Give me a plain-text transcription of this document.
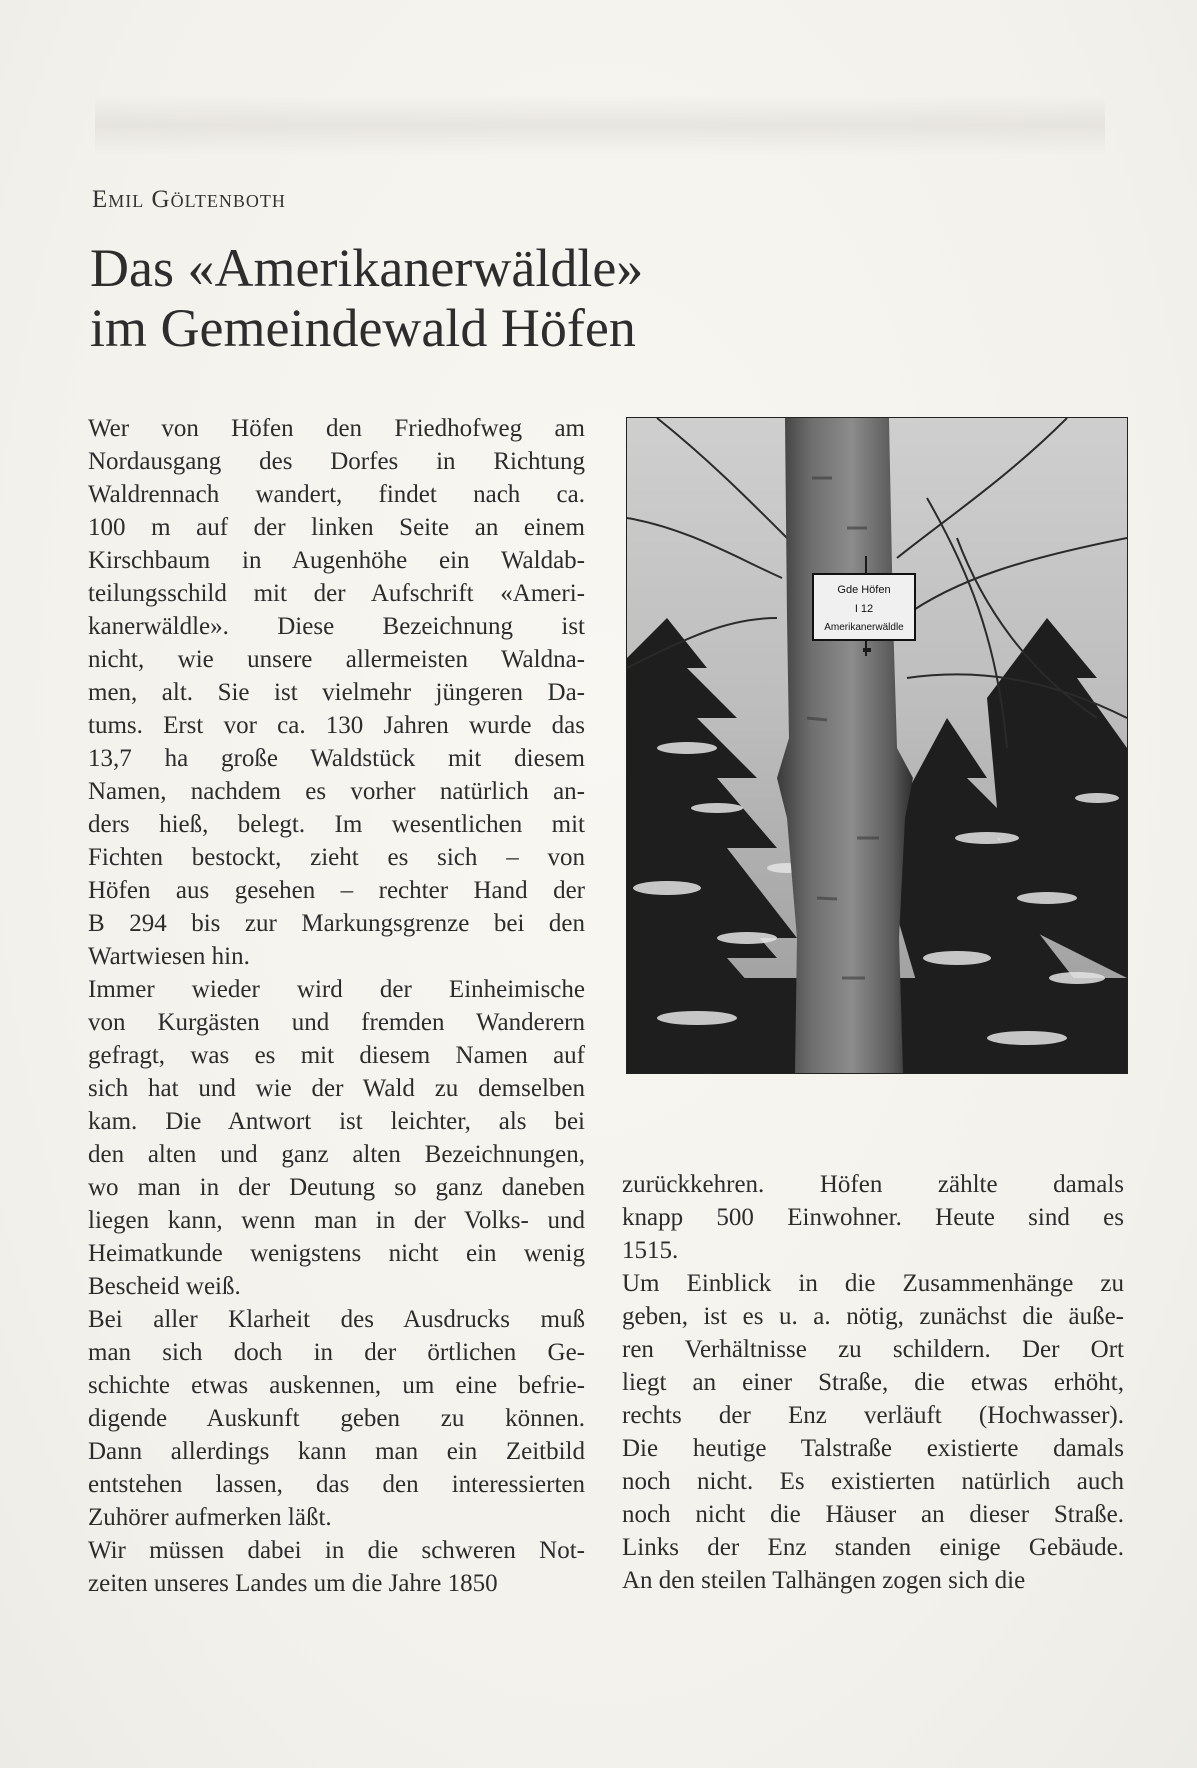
Emil Göltenboth
Das «Amerikanerwäldle»
im Gemeindewald Höfen
Wer von Höfen den Friedhofweg am
Nordausgang des Dorfes in Richtung
Waldrennach wandert, findet nach ca.
100 m auf der linken Seite an einem
Kirschbaum in Augenhöhe ein Waldab-
teilungsschild mit der Aufschrift «Ameri-
kanerwäldle». Diese Bezeichnung ist
nicht, wie unsere allermeisten Waldna-
men, alt. Sie ist vielmehr jüngeren Da-
tums. Erst vor ca. 130 Jahren wurde das
13,7 ha große Waldstück mit diesem
Namen, nachdem es vorher natürlich an-
ders hieß, belegt. Im wesentlichen mit
Fichten bestockt, zieht es sich – von
Höfen aus gesehen – rechter Hand der
B 294 bis zur Markungsgrenze bei den
Wartwiesen hin.
Immer wieder wird der Einheimische
von Kurgästen und fremden Wanderern
gefragt, was es mit diesem Namen auf
sich hat und wie der Wald zu demselben
kam. Die Antwort ist leichter, als bei
den alten und ganz alten Bezeichnungen,
wo man in der Deutung so ganz daneben
liegen kann, wenn man in der Volks- und
Heimatkunde wenigstens nicht ein wenig
Bescheid weiß.
Bei aller Klarheit des Ausdrucks muß
man sich doch in der örtlichen Ge-
schichte etwas auskennen, um eine befrie-
digende Auskunft geben zu können.
Dann allerdings kann man ein Zeitbild
entstehen lassen, das den interessierten
Zuhörer aufmerken läßt.
Wir müssen dabei in die schweren Not-
zeiten unseres Landes um die Jahre 1850
Gde Höfen
I 12
Amerikanerwäldle
zurückkehren. Höfen zählte damals
knapp 500 Einwohner. Heute sind es
1515.
Um Einblick in die Zusammenhänge zu
geben, ist es u. a. nötig, zunächst die äuße-
ren Verhältnisse zu schildern. Der Ort
liegt an einer Straße, die etwas erhöht,
rechts der Enz verläuft (Hochwasser).
Die heutige Talstraße existierte damals
noch nicht. Es existierten natürlich auch
noch nicht die Häuser an dieser Straße.
Links der Enz standen einige Gebäude.
An den steilen Talhängen zogen sich die
